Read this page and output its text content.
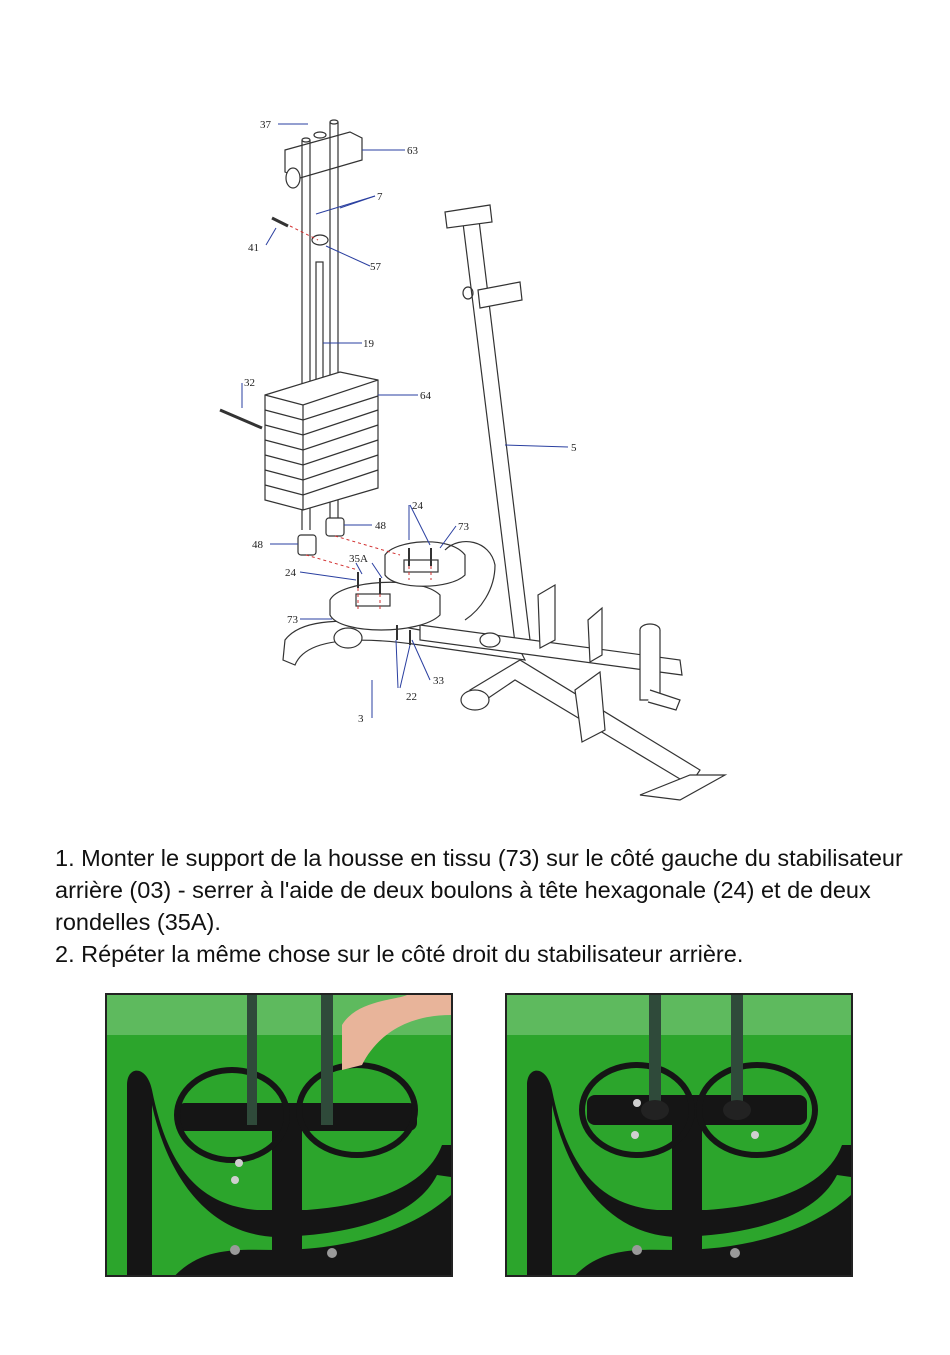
37
63
7
41
57
19
32
64
5
24
73
48
48
35A
24
73
33
22
3

1. Monter le support de la housse en tissu (73) sur le côté gauche du stabilisateur arrière (03) - serrer à l'aide de deux boulons à tête hexagonale (24) et de deux rondelles (35A).

2. Répéter la même chose sur le côté droit du stabilisateur arrière.
